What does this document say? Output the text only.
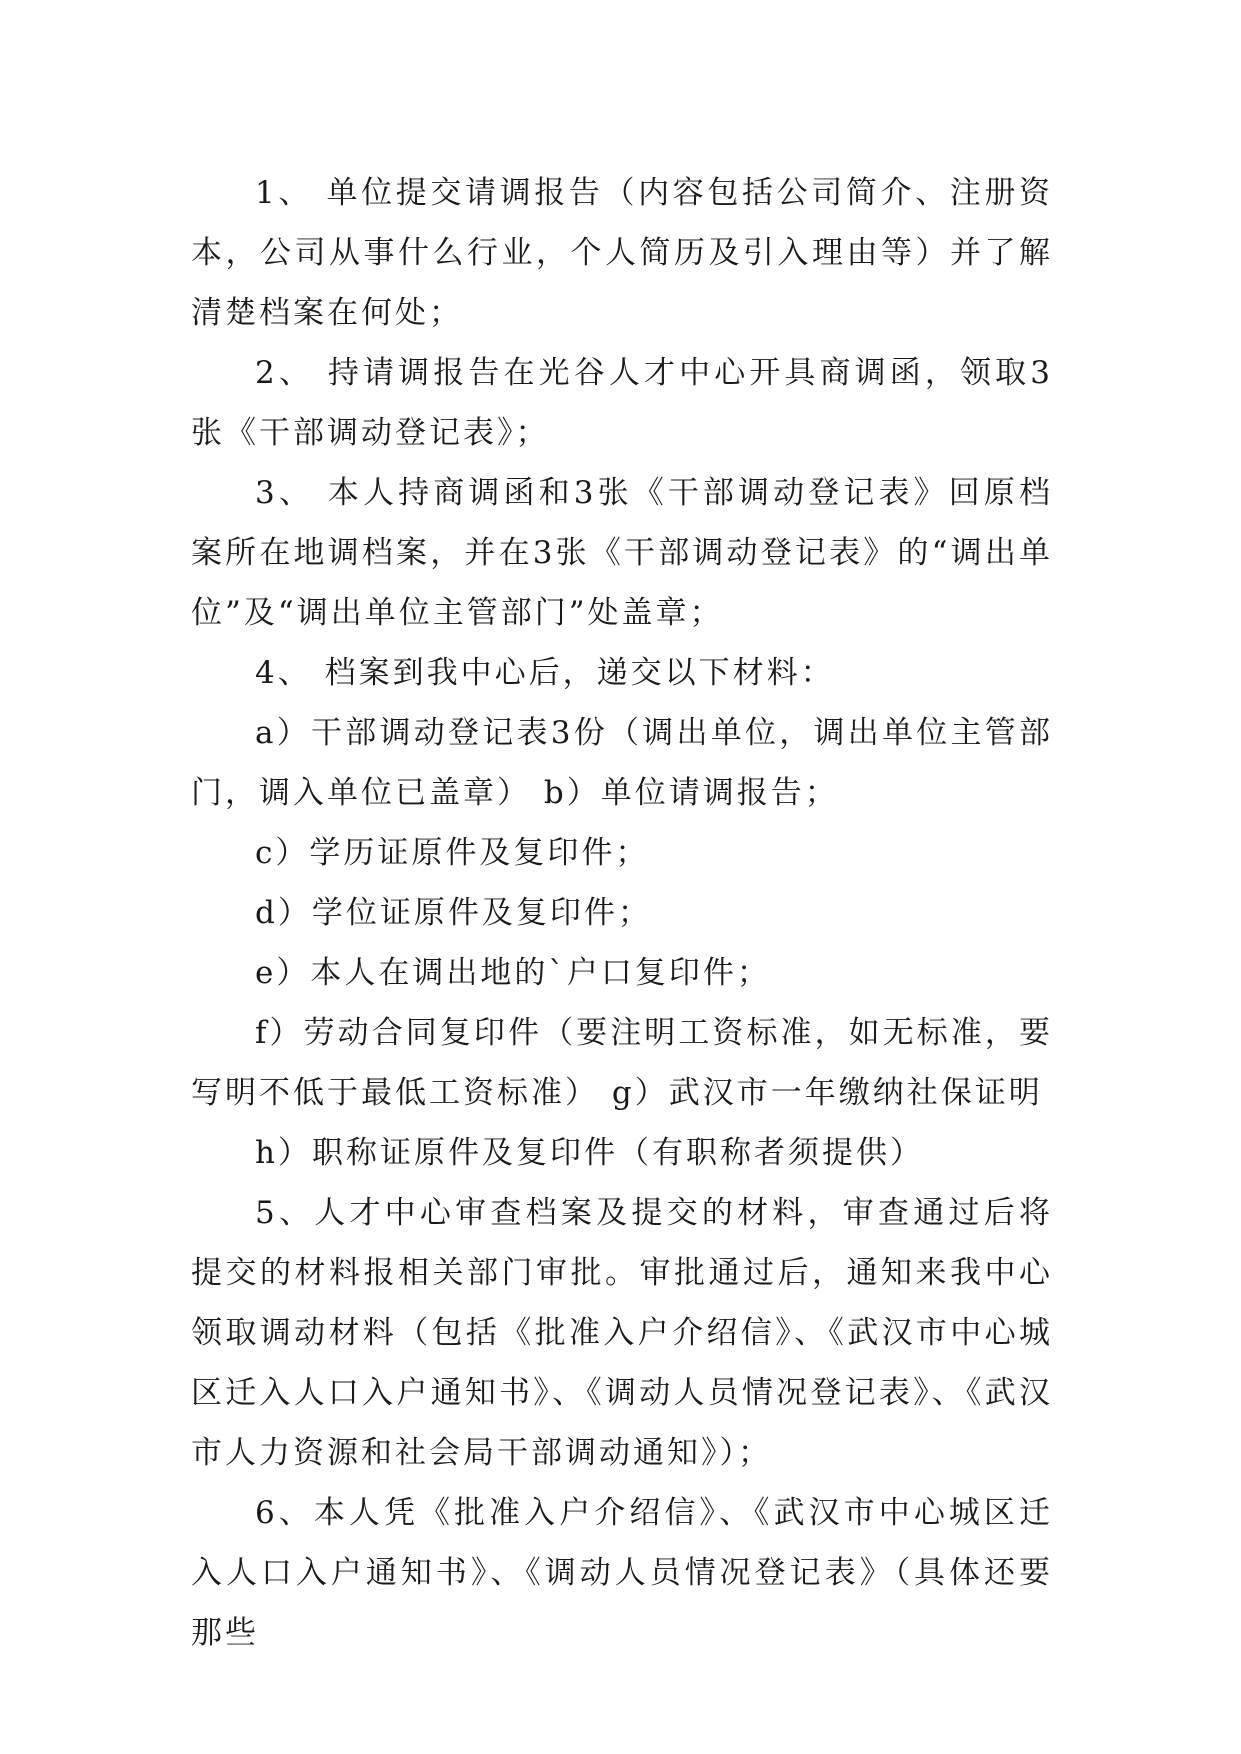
1、 单位提交请调报告（内容包括公司简介、注册资本，公司从事什么行业，个人简历及引入理由等）并了解清楚档案在何处；

2、 持请调报告在光谷人才中心开具商调函，领取3张《干部调动登记表》；

3、 本人持商调函和3张《干部调动登记表》回原档案所在地调档案，并在3张《干部调动登记表》的“调出单位”及“调出单位主管部门”处盖章；

4、 档案到我中心后，递交以下材料：

a）干部调动登记表3份（调出单位，调出单位主管部门，调入单位已盖章） b）单位请调报告；

c）学历证原件及复印件；

d）学位证原件及复印件；

e）本人在调出地的`户口复印件；

f）劳动合同复印件（要注明工资标准，如无标准，要写明不低于最低工资标准） g）武汉市一年缴纳社保证明

h）职称证原件及复印件（有职称者须提供）

5、人才中心审查档案及提交的材料，审查通过后将提交的材料报相关部门审批。审批通过后，通知来我中心领取调动材料（包括《批准入户介绍信》、《武汉市中心城区迁入人口入户通知书》、《调动人员情况登记表》、《武汉市人力资源和社会局干部调动通知》）；

6、本人凭《批准入户介绍信》、《武汉市中心城区迁入人口入户通知书》、《调动人员情况登记表》（具体还要那些
